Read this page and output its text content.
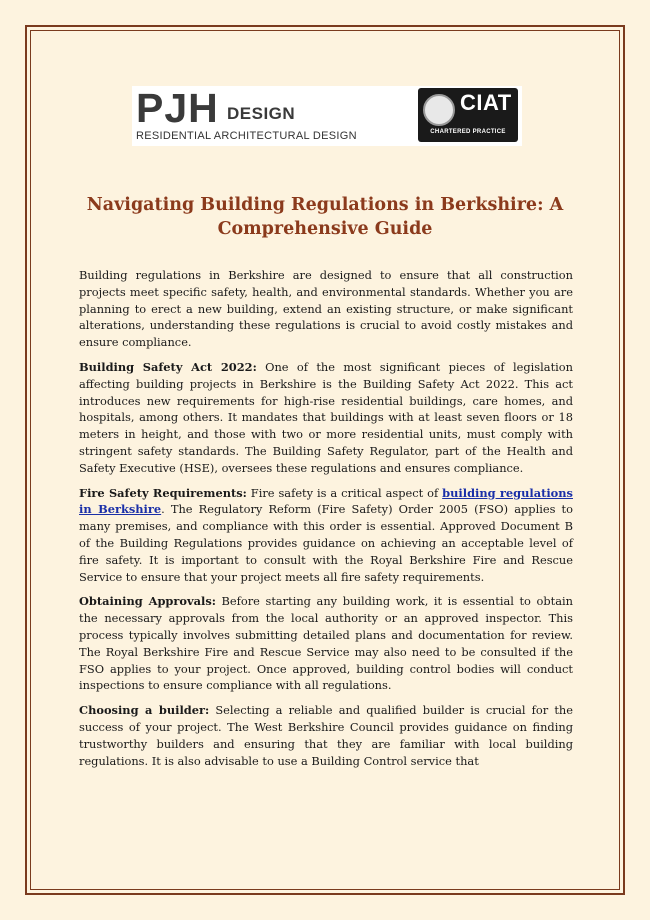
PJH DESIGN
RESIDENTIAL ARCHITECTURAL DESIGN
CIAT
CHARTERED PRACTICE
Navigating Building Regulations in Berkshire: A Comprehensive Guide

Building regulations in Berkshire are designed to ensure that all construction projects meet specific safety, health, and environmental standards. Whether you are planning to erect a new building, extend an existing structure, or make significant alterations, understanding these regulations is crucial to avoid costly mistakes and ensure compliance.

Building Safety Act 2022: One of the most significant pieces of legislation affecting building projects in Berkshire is the Building Safety Act 2022. This act introduces new requirements for high-rise residential buildings, care homes, and hospitals, among others. It mandates that buildings with at least seven floors or 18 meters in height, and those with two or more residential units, must comply with stringent safety standards. The Building Safety Regulator, part of the Health and Safety Executive (HSE), oversees these regulations and ensures compliance.

Fire Safety Requirements: Fire safety is a critical aspect of building regulations in Berkshire. The Regulatory Reform (Fire Safety) Order 2005 (FSO) applies to many premises, and compliance with this order is essential. Approved Document B of the Building Regulations provides guidance on achieving an acceptable level of fire safety. It is important to consult with the Royal Berkshire Fire and Rescue Service to ensure that your project meets all fire safety requirements.

Obtaining Approvals: Before starting any building work, it is essential to obtain the necessary approvals from the local authority or an approved inspector. This process typically involves submitting detailed plans and documentation for review. The Royal Berkshire Fire and Rescue Service may also need to be consulted if the FSO applies to your project. Once approved, building control bodies will conduct inspections to ensure compliance with all regulations.

Choosing a builder: Selecting a reliable and qualified builder is crucial for the success of your project. The West Berkshire Council provides guidance on finding trustworthy builders and ensuring that they are familiar with local building regulations. It is also advisable to use a Building Control service that
